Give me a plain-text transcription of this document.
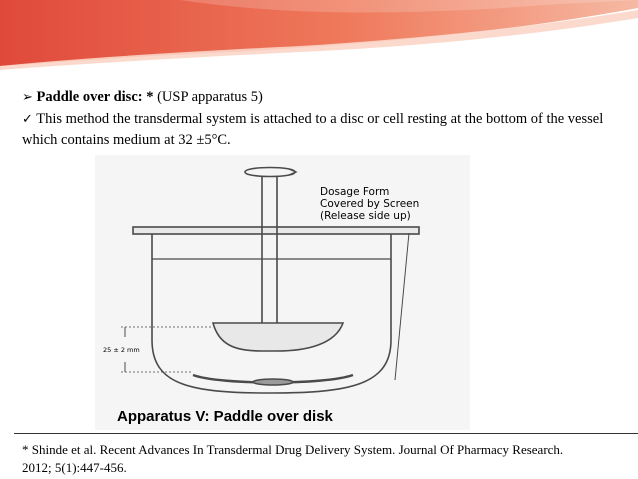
➢ Paddle over disc: * (USP apparatus 5)
✓ This method the transdermal system is attached to a disc or cell resting at the bottom of the vessel which contains medium at 32 ±5°C.
Dosage Form
Covered by Screen
(Release side up)
25 ± 2 mm
Apparatus V: Paddle over disk
* Shinde et al. Recent Advances In Transdermal Drug Delivery System. Journal Of Pharmacy Research. 2012; 5(1):447-456.
